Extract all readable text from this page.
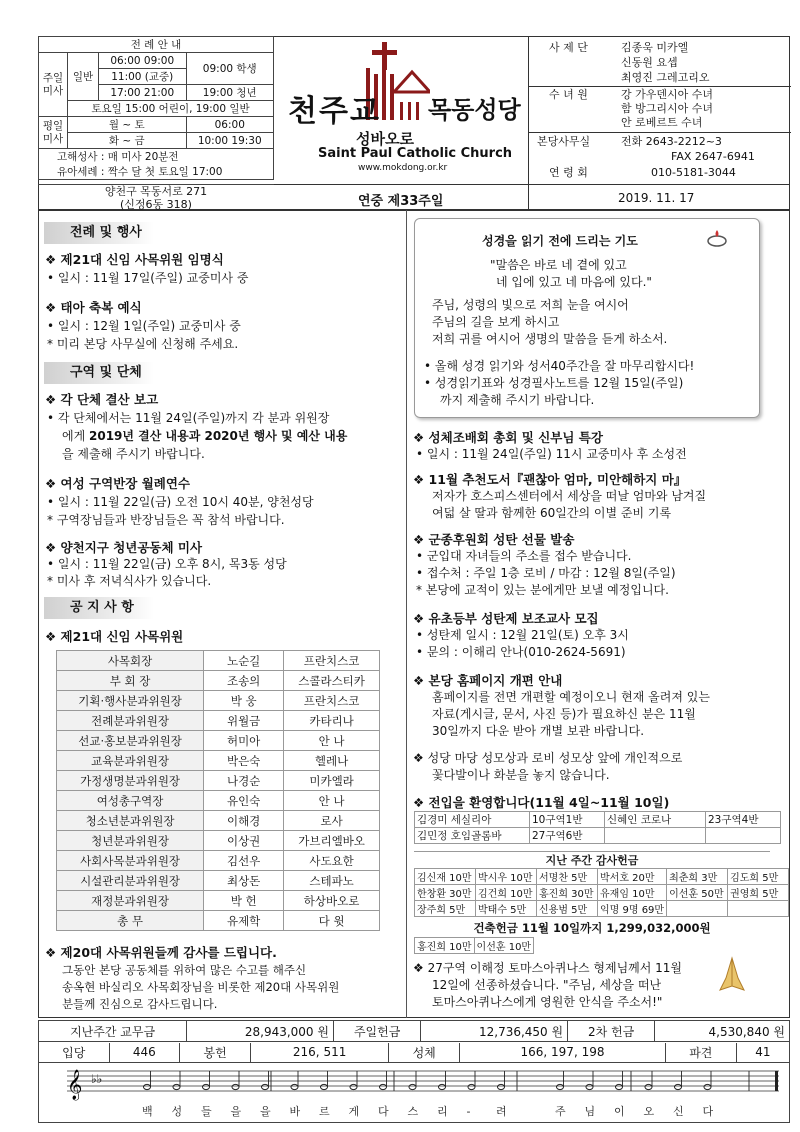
전 례 안 내			
주일
미사	일반	06:00 09:00	09:00 학생
		11:00 (교중)	
		17:00 21:00	19:00 청년
	토요일 15:00 어린이, 19:00 일반		
평일
미사	월 ~ 토		06:00
	화 ~ 금		10:00 19:30
고해성사 : 매 미사 20분전			
유아세례 : 짝수 달 첫 토요일 17:00			
양천구 목동서로 271
(신정6동 318)
천주교 목동성당
성바오로
Saint Paul Catholic Church
www.mokdong.or.kr
사 제 단	김종욱 미카엘
신동원 요셉
최영진 그레고리오
수 녀 원	강 가우덴시아 수녀
함 방그리시아 수녀
안 로베르트 수녀
본당사무실	전화 2643-2212~3
FAX 2647-6941
연 령 회	010-5181-3044
연중 제33주일	2019. 11. 17
전례 및 행사
❖ 제21대 신임 사목위원 임명식
• 일시 : 11월 17일(주일) 교중미사 중
❖ 태아 축복 예식
• 일시 : 12월 1일(주일) 교중미사 중
* 미리 본당 사무실에 신청해 주세요.
구역 및 단체
❖ 각 단체 결산 보고
• 각 단체에서는 11월 24일(주일)까지 각 분과 위원장
에게 2019년 결산 내용과 2020년 행사 및 예산 내용
을 제출해 주시기 바랍니다.
❖ 여성 구역반장 월례연수
• 일시 : 11월 22일(금) 오전 10시 40분, 양천성당
* 구역장님들과 반장님들은 꼭 참석 바랍니다.
❖ 양천지구 청년공동체 미사
• 일시 : 11월 22일(금) 오후 8시, 목3동 성당
* 미사 후 저녁식사가 있습니다.
공 지 사 항
❖ 제21대 신임 사목위원
사목회장	노순길	프란치스코
부 회 장	조송의	스콜라스티카
기획·행사분과위원장	박 웅	프란치스코
전례분과위원장	위월금	카타리나
선교·홍보분과위원장	허미아	안 나
교육분과위원장	박은숙	헬레나
가정생명분과위원장	나경순	미카엘라
여성총구역장	유인숙	안 나
청소년분과위원장	이해경	로사
청년분과위원장	이상권	가브리엘바오
사회사목분과위원장	김선우	사도요한
시설관리분과위원장	최상돈	스테파노
재정분과위원장	박 헌	하상바오로
총 무	유제학	다 윗
❖ 제20대 사목위원들께 감사를 드립니다.
그동안 본당 공동체를 위하여 많은 수고를 해주신
송옥현 바실리오 사목회장님을 비롯한 제20대 사목위원
분들께 진심으로 감사드립니다.
성경을 읽기 전에 드리는 기도
"말씀은 바로 네 곁에 있고
네 입에 있고 네 마음에 있다."
주님, 성령의 빛으로 저희 눈을 여시어
주님의 길을 보게 하시고
저희 귀를 여시어 생명의 말씀을 듣게 하소서.
• 올해 성경 읽기와 성서40주간을 잘 마무리합시다!
• 성경읽기표와 성경필사노트를 12월 15일(주일)
까지 제출해 주시기 바랍니다.
❖ 성체조배회 총회 및 신부님 특강
• 일시 : 11월 24일(주일) 11시 교중미사 후 소성전
❖ 11월 추천도서『괜찮아 엄마, 미안해하지 마』
저자가 호스피스센터에서 세상을 떠날 엄마와 남겨질
여덟 살 딸과 함께한 60일간의 이별 준비 기록
❖ 군종후원회 성탄 선물 발송
• 군입대 자녀들의 주소를 접수 받습니다.
• 접수처 : 주일 1층 로비 / 마감 : 12월 8일(주일)
* 본당에 교적이 있는 분에게만 보낼 예정입니다.
❖ 유초등부 성탄제 보조교사 모집
• 성탄제 일시 : 12월 21일(토) 오후 3시
• 문의 : 이해리 안나(010-2624-5691)
❖ 본당 홈페이지 개편 안내
홈페이지를 전면 개편할 예정이오니 현재 올려져 있는
자료(게시글, 문서, 사진 등)가 필요하신 분은 11월
30일까지 다운 받아 개별 보관 바랍니다.
❖ 성당 마당 성모상과 로비 성모상 앞에 개인적으로
꽃다발이나 화분을 놓지 않습니다.
❖ 전입을 환영합니다(11월 4일~11월 10일)
김경미 세실리아	10구역1반	신혜인 코로나	23구역4반
김민정 호임골롬바	27구역6반		
지난 주간 감사헌금
김신재 10만	박시우 10만	서명찬 5만	박서호 20만	최춘희 3만	김도희 5만
한창환 30만	김건희 10만	홍진희 30만	유재임 10만	이선훈 50만	권영희 5만
장주희 5만	박태수 5만	신용범 5만	익명 9명 69만		
건축헌금 11월 10일까지 1,299,032,000원
홍진희 10만	이선훈 10만
❖ 27구역 이해정 토마스아퀴나스 형제님께서 11월
12일에 선종하셨습니다. "주님, 세상을 떠난
토마스아퀴나스에게 영원한 안식을 주소서!"
지난주간 교무금	28,943,000 원	주일헌금	12,736,450 원	2차 헌금	4,530,840 원

입당	446	봉헌	216, 511	성체	166, 197, 198	파견	41
𝄞 ♭♭
백 성 들 을 을 바 르 게 다 스 리 - 려	주 님 이 오 신 다
